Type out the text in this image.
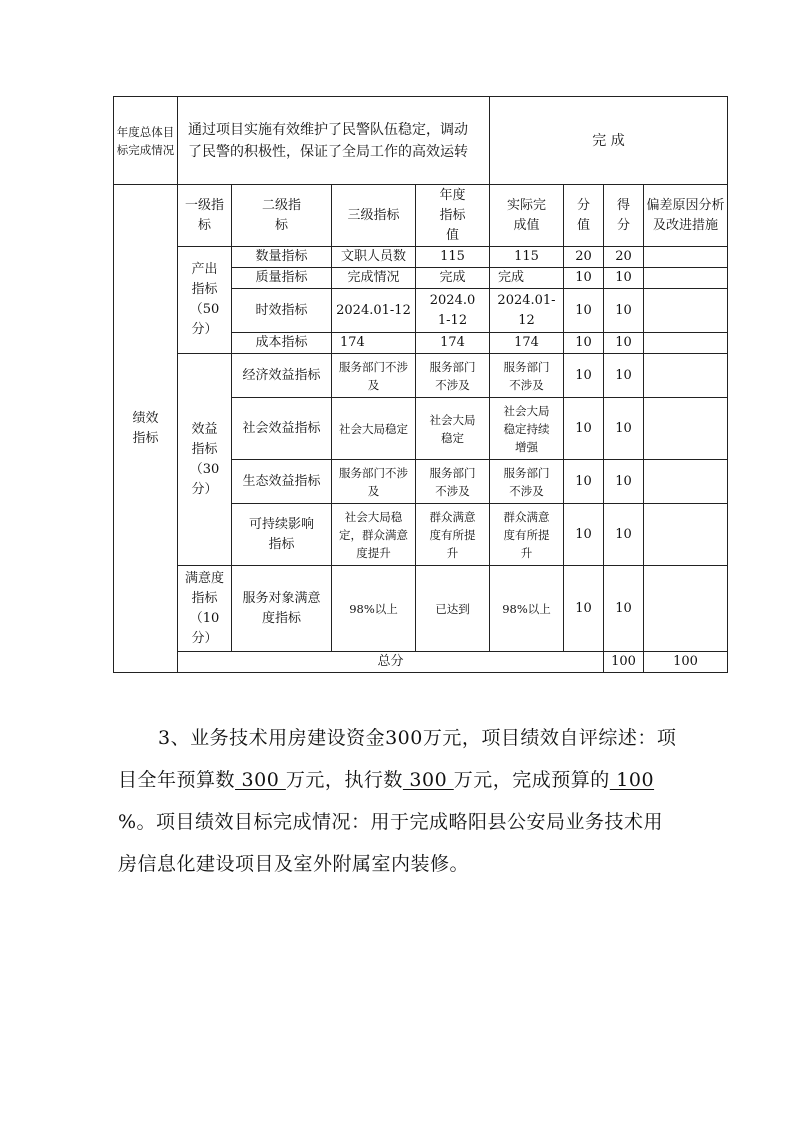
年度总体目标完成情况	通过项目实施有效维护了民警队伍稳定，调动了民警的积极性，保证了全局工作的高效运转				完 成				
绩效指标	一级指标	二级指标	三级指标	年度指标值	实际完成值	分值	得分	偏差原因分析及改进措施	
	产出指标（50分）	数量指标	文职人员数	115	115	20	20		
		质量指标	完成情况	完成	完成	10	10		
		时效指标	2024.01-12	2024.01-12	2024.01-12	10	10		
		成本指标	174	174	174	10	10		
	效益指标（30分）	经济效益指标	服务部门不涉及	服务部门不涉及	服务部门不涉及	10	10		
		社会效益指标	社会大局稳定	社会大局稳定	社会大局稳定持续增强	10	10		
		生态效益指标	服务部门不涉及	服务部门不涉及	服务部门不涉及	10	10		
		可持续影响指标	社会大局稳定，群众满意度提升	群众满意度有所提升	群众满意度有所提升	10	10		
	满意度指标（10分）	服务对象满意度指标	98%以上	已达到	98%以上	10	10		
	总分						100	100	

3、业务技术用房建设资金300万元，项目绩效自评综述：项目全年预算数 300 万元，执行数 300 万元，完成预算的 100 %。项目绩效目标完成情况：用于完成略阳县公安局业务技术用房信息化建设项目及室外附属室内装修。
